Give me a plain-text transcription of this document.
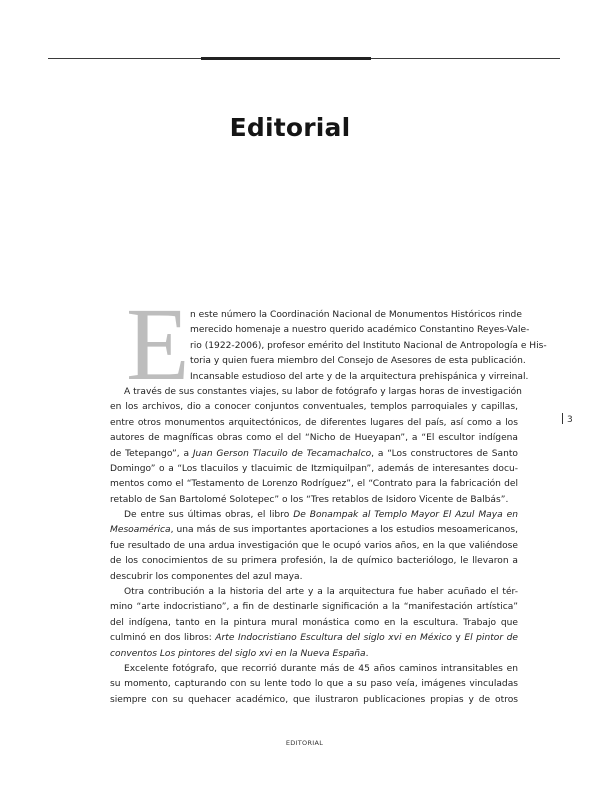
Editorial
E n este número la Coordinación Nacional de Monumentos Históricos rinde
merecido homenaje a nuestro querido académico Constantino Reyes-Vale-
rio (1922-2006), profesor emérito del Instituto Nacional de Antropología e His-
toria y quien fuera miembro del Consejo de Asesores de esta publicación.
Incansable estudioso del arte y de la arquitectura prehispánica y virreinal.
A través de sus constantes viajes, su labor de fotógrafo y largas horas de investigación
en los archivos, dio a conocer conjuntos conventuales, templos parroquiales y capillas,
entre otros monumentos arquitectónicos, de diferentes lugares del país, así como a los
autores de magníficas obras como el del “Nicho de Hueyapan”, a “El escultor indígena
de Tetepango”, a Juan Gerson Tlacuilo de Tecamachalco, a “Los constructores de Santo
Domingo” o a “Los tlacuilos y tlacuimic de Itzmiquilpan”, además de interesantes docu-
mentos como el “Testamento de Lorenzo Rodríguez”, el “Contrato para la fabricación del
retablo de San Bartolomé Solotepec” o los “Tres retablos de Isidoro Vicente de Balbás”.
De entre sus últimas obras, el libro De Bonampak al Templo Mayor El Azul Maya en
Mesoamérica, una más de sus importantes aportaciones a los estudios mesoamericanos,
fue resultado de una ardua investigación que le ocupó varios años, en la que valiéndose
de los conocimientos de su primera profesión, la de químico bacteriólogo, le llevaron a
descubrir los componentes del azul maya.
Otra contribución a la historia del arte y a la arquitectura fue haber acuñado el tér-
mino “arte indocristiano”, a fin de destinarle significación a la “manifestación artística”
del indígena, tanto en la pintura mural monástica como en la escultura. Trabajo que
culminó en dos libros: Arte Indocristiano Escultura del siglo xvi en México y El pintor de
conventos Los pintores del siglo xvi en la Nueva España.
Excelente fotógrafo, que recorrió durante más de 45 años caminos intransitables en
su momento, capturando con su lente todo lo que a su paso veía, imágenes vinculadas
siempre con su quehacer académico, que ilustraron publicaciones propias y de otros
3
EDITORIAL
